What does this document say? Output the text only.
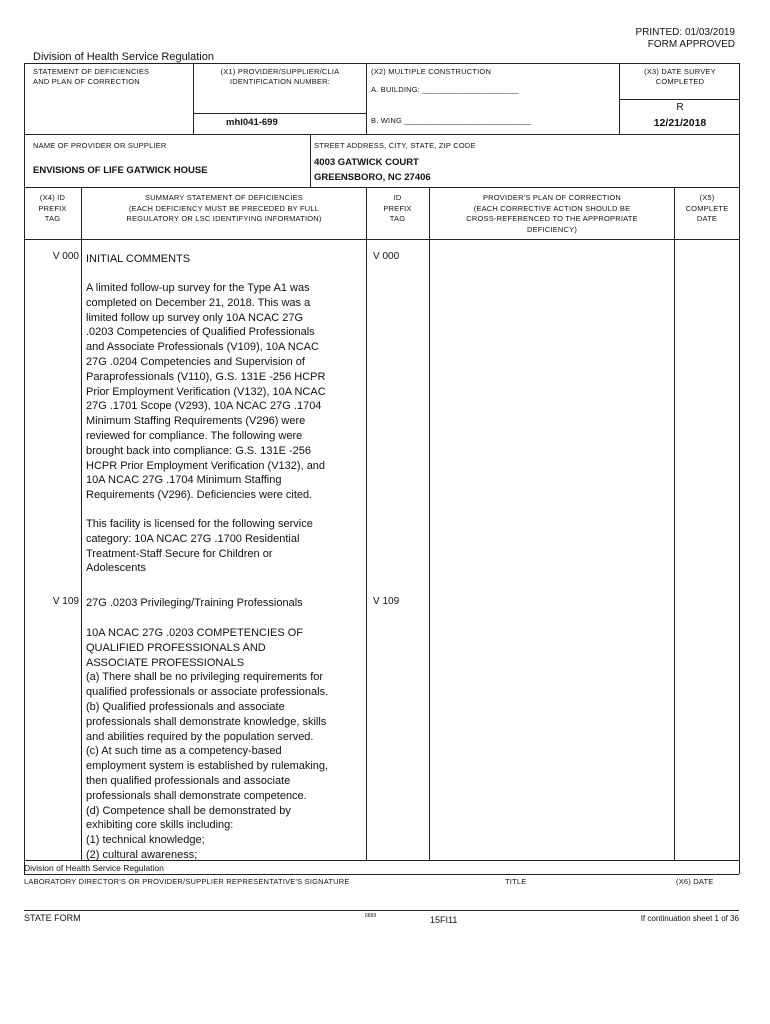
PRINTED: 01/03/2019
FORM APPROVED
Division of Health Service Regulation
STATEMENT OF DEFICIENCIES
AND PLAN OF CORRECTION
(X1) PROVIDER/SUPPLIER/CLIA
IDENTIFICATION NUMBER:
mhl041-699
(X2) MULTIPLE CONSTRUCTION
A. BUILDING: ______________________
B. WING _____________________________
(X3) DATE SURVEY
COMPLETED
R
12/21/2018
NAME OF PROVIDER OR SUPPLIER
ENVISIONS OF LIFE GATWICK HOUSE
STREET ADDRESS, CITY, STATE, ZIP CODE
4003 GATWICK COURT
GREENSBORO, NC 27406
(X4) ID
PREFIX
TAG
SUMMARY STATEMENT OF DEFICIENCIES
(EACH DEFICIENCY MUST BE PRECEDED BY FULL
REGULATORY OR LSC IDENTIFYING INFORMATION)
ID
PREFIX
TAG
PROVIDER'S PLAN OF CORRECTION
(EACH CORRECTIVE ACTION SHOULD BE
CROSS-REFERENCED TO THE APPROPRIATE
DEFICIENCY)
(X5)
COMPLETE
DATE
V 000	V 000
INITIAL COMMENTS
A limited follow-up survey for the Type A1 was
completed on December 21, 2018. This was a
limited follow up survey only 10A NCAC 27G
.0203 Competencies of Qualified Professionals
and Associate Professionals (V109), 10A NCAC
27G .0204 Competencies and Supervision of
Paraprofessionals (V110), G.S. 131E -256 HCPR
Prior Employment Verification (V132), 10A NCAC
27G .1701 Scope (V293), 10A NCAC 27G .1704
Minimum Staffing Requirements (V296) were
reviewed for compliance. The following were
brought back into compliance: G.S. 131E -256
HCPR Prior Employment Verification (V132), and
10A NCAC 27G .1704 Minimum Staffing
Requirements (V296). Deficiencies were cited.
This facility is licensed for the following service
category: 10A NCAC 27G .1700 Residential
Treatment-Staff Secure for Children or
Adolescents
V 109	V 109
27G .0203 Privileging/Training Professionals
10A NCAC 27G .0203 COMPETENCIES OF
QUALIFIED PROFESSIONALS AND
ASSOCIATE PROFESSIONALS
(a) There shall be no privileging requirements for
qualified professionals or associate professionals.
(b) Qualified professionals and associate
professionals shall demonstrate knowledge, skills
and abilities required by the population served.
(c) At such time as a competency-based
employment system is established by rulemaking,
then qualified professionals and associate
professionals shall demonstrate competence.
(d) Competence shall be demonstrated by
exhibiting core skills including:
(1) technical knowledge;
(2) cultural awareness;
Division of Health Service Regulation
LABORATORY DIRECTOR'S OR PROVIDER/SUPPLIER REPRESENTATIVE'S SIGNATURE	TITLE	(X6) DATE
STATE FORM	6899	15FI11	If continuation sheet 1 of 36
